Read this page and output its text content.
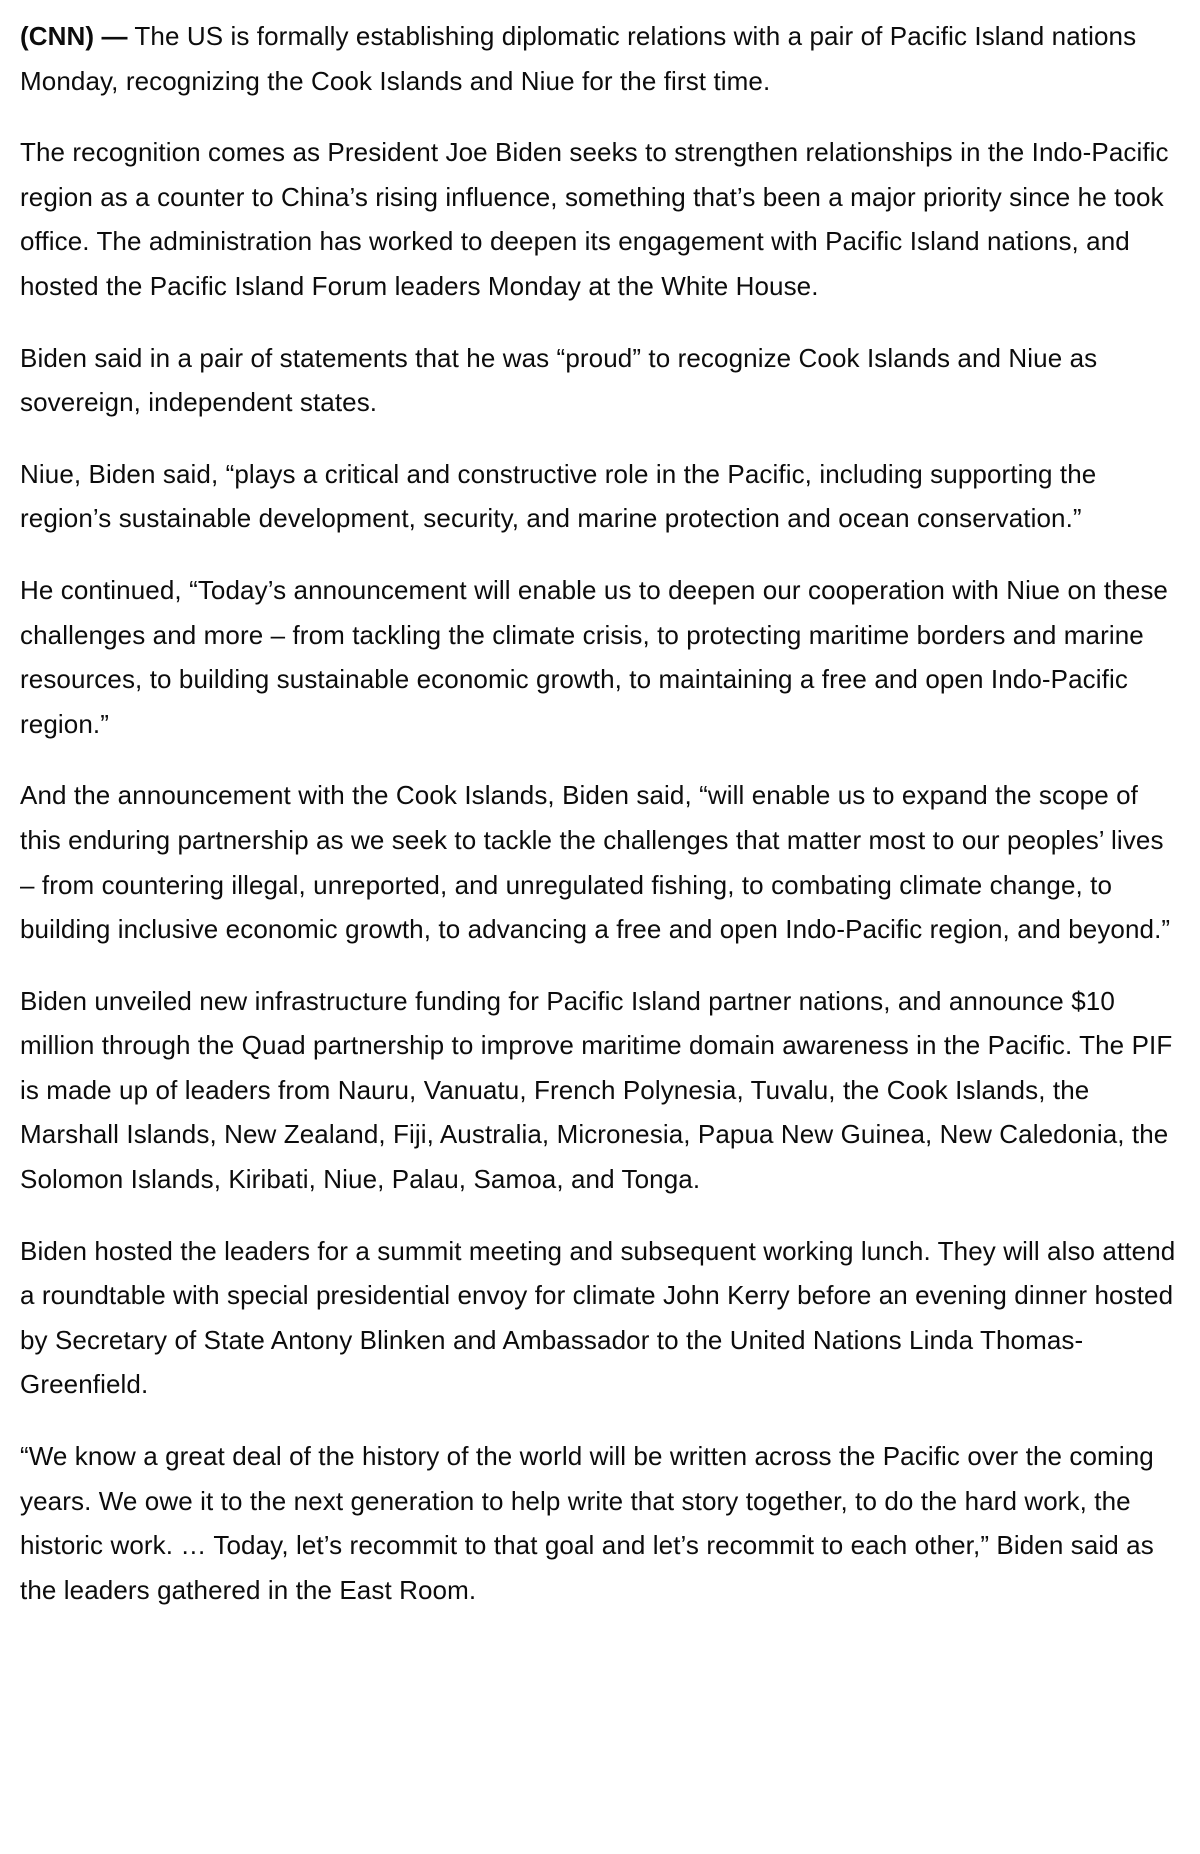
(CNN) — The US is formally establishing diplomatic relations with a pair of Pacific Island nations Monday, recognizing the Cook Islands and Niue for the first time.

The recognition comes as President Joe Biden seeks to strengthen relationships in the Indo-Pacific region as a counter to China’s rising influence, something that’s been a major priority since he took office. The administration has worked to deepen its engagement with Pacific Island nations, and hosted the Pacific Island Forum leaders Monday at the White House.

Biden said in a pair of statements that he was “proud” to recognize Cook Islands and Niue as sovereign, independent states.

Niue, Biden said, “plays a critical and constructive role in the Pacific, including supporting the region’s sustainable development, security, and marine protection and ocean conservation.”

He continued, “Today’s announcement will enable us to deepen our cooperation with Niue on these challenges and more – from tackling the climate crisis, to protecting maritime borders and marine resources, to building sustainable economic growth, to maintaining a free and open Indo-Pacific region.”

And the announcement with the Cook Islands, Biden said, “will enable us to expand the scope of this enduring partnership as we seek to tackle the challenges that matter most to our peoples’ lives – from countering illegal, unreported, and unregulated fishing, to combating climate change, to building inclusive economic growth, to advancing a free and open Indo-Pacific region, and beyond.”

Biden unveiled new infrastructure funding for Pacific Island partner nations, and announce $10 million through the Quad partnership to improve maritime domain awareness in the Pacific. The PIF is made up of leaders from Nauru, Vanuatu, French Polynesia, Tuvalu, the Cook Islands, the Marshall Islands, New Zealand, Fiji, Australia, Micronesia, Papua New Guinea, New Caledonia, the Solomon Islands, Kiribati, Niue, Palau, Samoa, and Tonga.

Biden hosted the leaders for a summit meeting and subsequent working lunch. They will also attend a roundtable with special presidential envoy for climate John Kerry before an evening dinner hosted by Secretary of State Antony Blinken and Ambassador to the United Nations Linda Thomas-Greenfield.

“We know a great deal of the history of the world will be written across the Pacific over the coming years. We owe it to the next generation to help write that story together, to do the hard work, the historic work. … Today, let’s recommit to that goal and let’s recommit to each other,” Biden said as the leaders gathered in the East Room.
